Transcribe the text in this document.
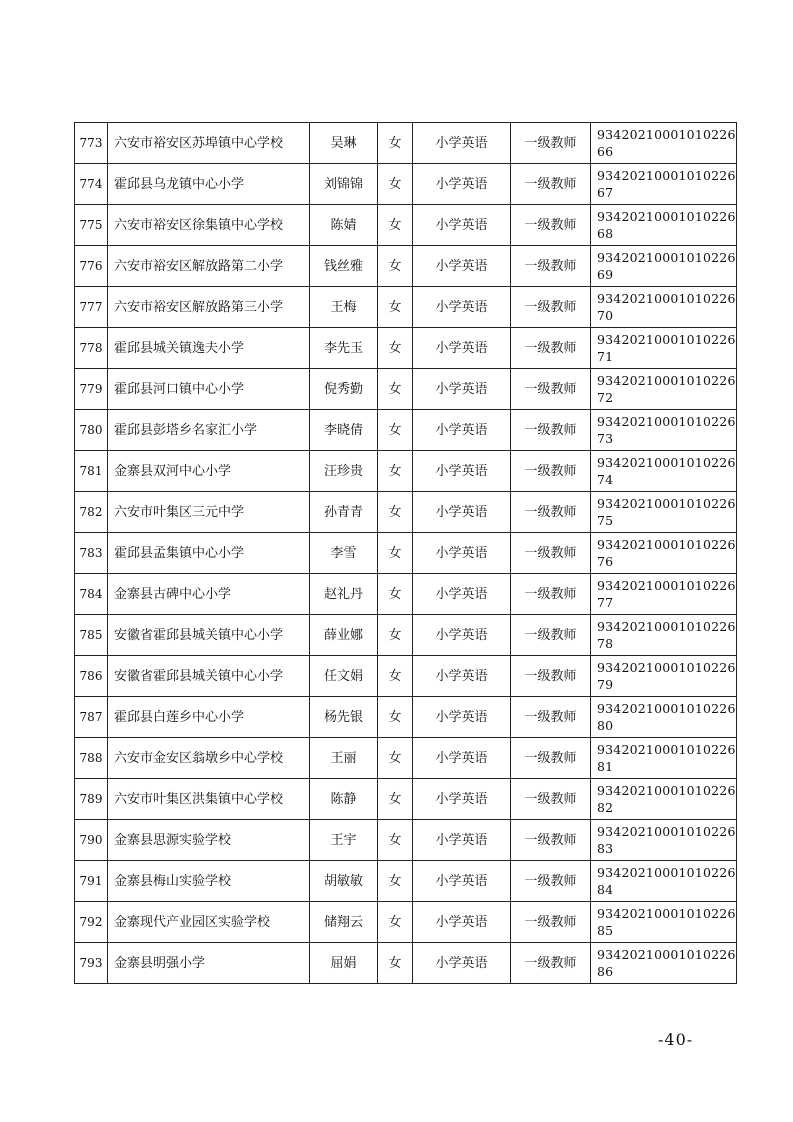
773	六安市裕安区苏埠镇中心学校	吴琳	女	小学英语	一级教师	93420210001010226
66

774	霍邱县乌龙镇中心小学	刘锦锦	女	小学英语	一级教师	93420210001010226
67

775	六安市裕安区徐集镇中心学校	陈婧	女	小学英语	一级教师	93420210001010226
68

776	六安市裕安区解放路第二小学	钱丝雅	女	小学英语	一级教师	93420210001010226
69

777	六安市裕安区解放路第三小学	王梅	女	小学英语	一级教师	93420210001010226
70

778	霍邱县城关镇逸夫小学	李先玉	女	小学英语	一级教师	93420210001010226
71

779	霍邱县河口镇中心小学	倪秀勤	女	小学英语	一级教师	93420210001010226
72

780	霍邱县彭塔乡名家汇小学	李晓倩	女	小学英语	一级教师	93420210001010226
73

781	金寨县双河中心小学	汪珍贵	女	小学英语	一级教师	93420210001010226
74

782	六安市叶集区三元中学	孙青青	女	小学英语	一级教师	93420210001010226
75

783	霍邱县孟集镇中心小学	李雪	女	小学英语	一级教师	93420210001010226
76

784	金寨县古碑中心小学	赵礼丹	女	小学英语	一级教师	93420210001010226
77

785	安徽省霍邱县城关镇中心小学	薛业娜	女	小学英语	一级教师	93420210001010226
78

786	安徽省霍邱县城关镇中心小学	任文娟	女	小学英语	一级教师	93420210001010226
79

787	霍邱县白莲乡中心小学	杨先银	女	小学英语	一级教师	93420210001010226
80

788	六安市金安区翁墩乡中心学校	王丽	女	小学英语	一级教师	93420210001010226
81

789	六安市叶集区洪集镇中心学校	陈静	女	小学英语	一级教师	93420210001010226
82

790	金寨县思源实验学校	王宇	女	小学英语	一级教师	93420210001010226
83

791	金寨县梅山实验学校	胡敏敏	女	小学英语	一级教师	93420210001010226
84

792	金寨现代产业园区实验学校	储翔云	女	小学英语	一级教师	93420210001010226
85

793	金寨县明强小学	屈娟	女	小学英语	一级教师	93420210001010226
86
-40-
